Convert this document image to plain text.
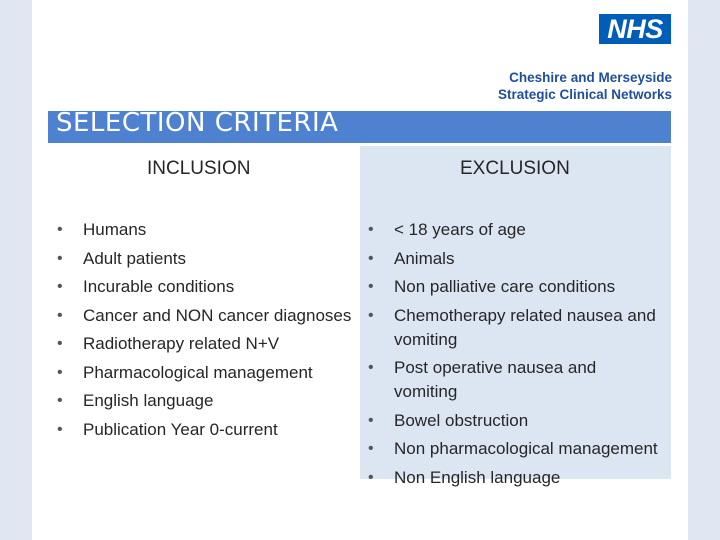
NHS
Cheshire and Merseyside
Strategic Clinical Networks
SELECTION CRITERIA
INCLUSION	EXCLUSION
• Humans
• Adult patients
• Incurable conditions
• Cancer and NON cancer diagnoses
• Radiotherapy related N+V
• Pharmacological management
• English language
• Publication Year 0-current
• < 18 years of age
• Animals
• Non palliative care conditions
• Chemotherapy related nausea and vomiting
• Post operative nausea and vomiting
• Bowel obstruction
• Non pharmacological management
• Non English language
